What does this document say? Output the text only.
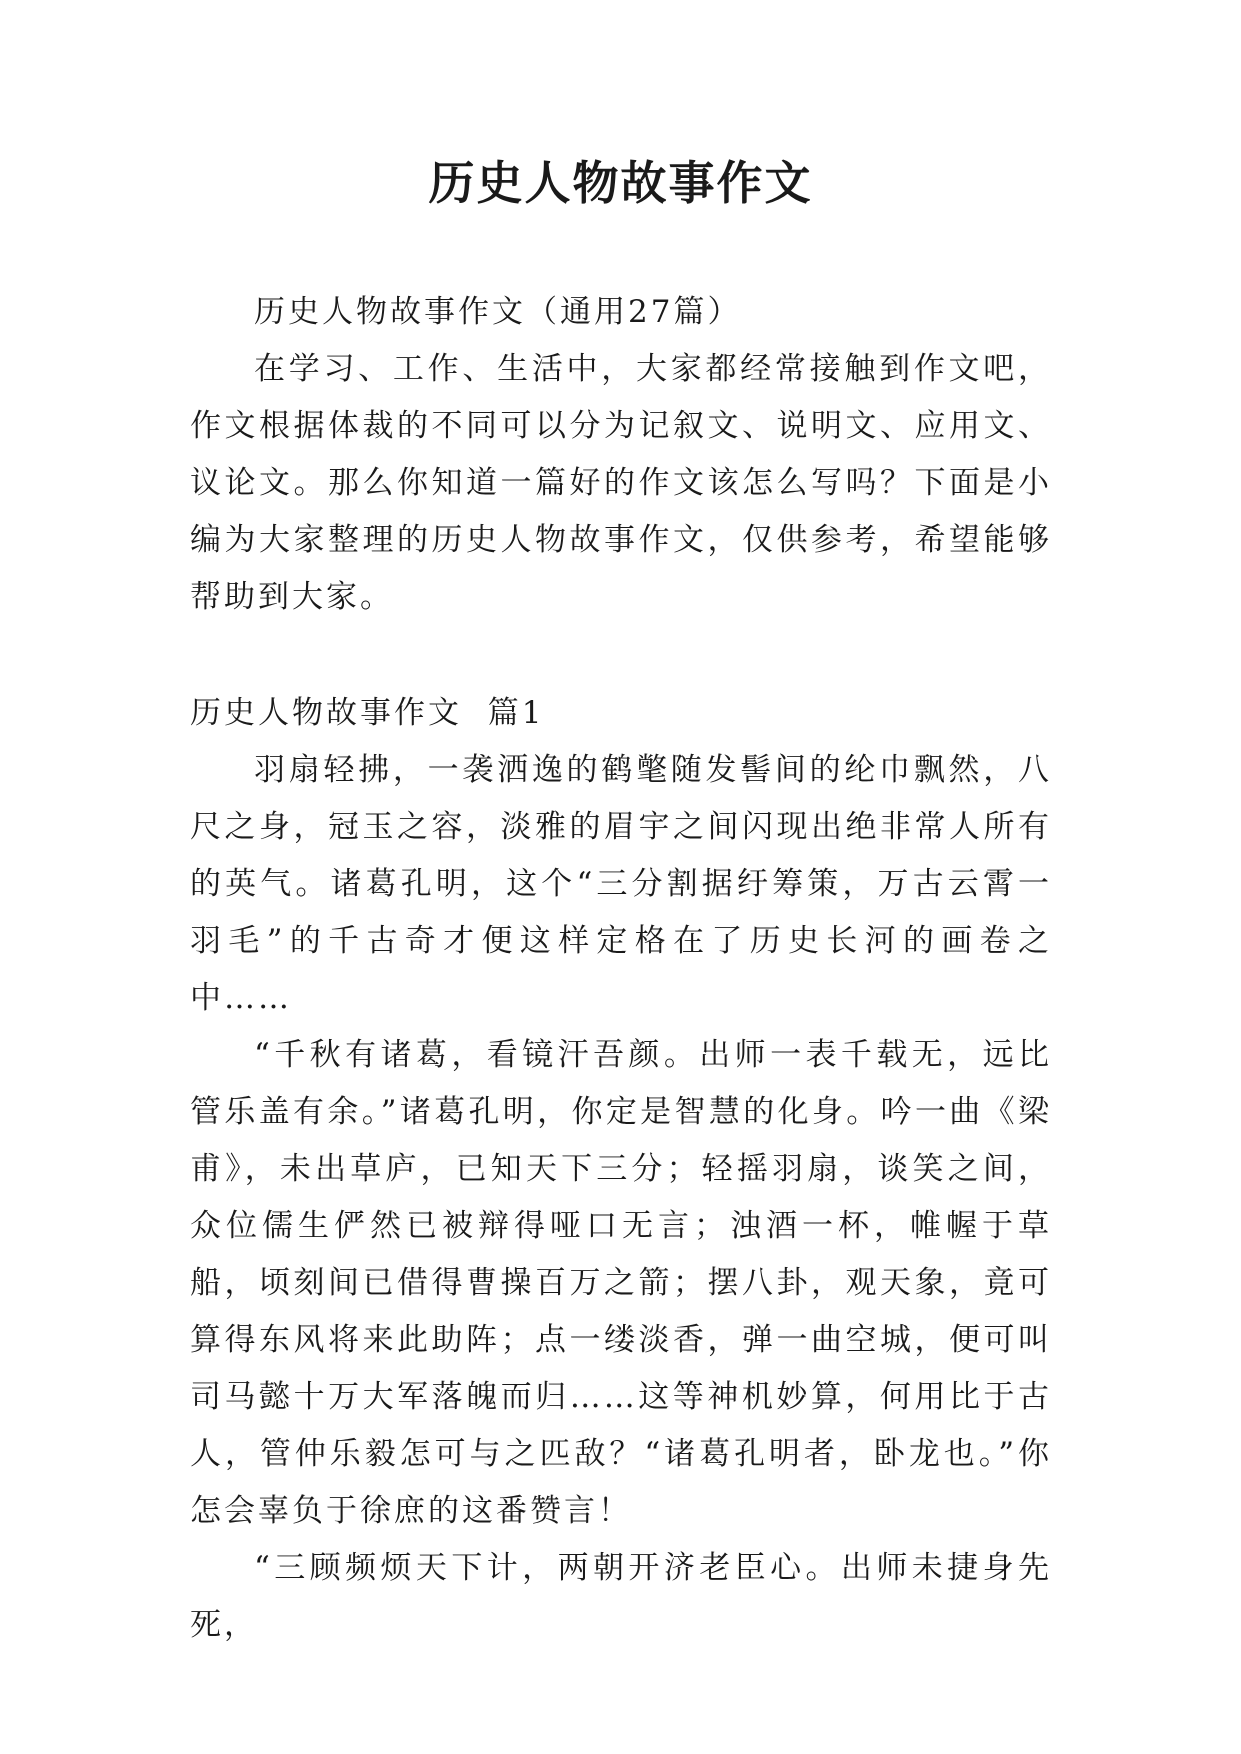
历史人物故事作文

历史人物故事作文（通用27篇）

在学习、工作、生活中，大家都经常接触到作文吧，作文根据体裁的不同可以分为记叙文、说明文、应用文、议论文。那么你知道一篇好的作文该怎么写吗？下面是小编为大家整理的历史人物故事作文，仅供参考，希望能够帮助到大家。

历史人物故事作文  篇1

羽扇轻拂，一袭洒逸的鹤氅随发髻间的纶巾飘然，八尺之身，冠玉之容，淡雅的眉宇之间闪现出绝非常人所有的英气。诸葛孔明，这个“三分割据纡筹策，万古云霄一羽毛”的千古奇才便这样定格在了历史长河的画卷之中……

“千秋有诸葛，看镜汗吾颜。出师一表千载无，远比管乐盖有余。”诸葛孔明，你定是智慧的化身。吟一曲《梁甫》，未出草庐，已知天下三分；轻摇羽扇，谈笑之间，众位儒生俨然已被辩得哑口无言；浊酒一杯，帷幄于草船，顷刻间已借得曹操百万之箭；摆八卦，观天象，竟可算得东风将来此助阵；点一缕淡香，弹一曲空城，便可叫司马懿十万大军落魄而归……这等神机妙算，何用比于古人，管仲乐毅怎可与之匹敌？“诸葛孔明者，卧龙也。”你怎会辜负于徐庶的这番赞言！

“三顾频烦天下计，两朝开济老臣心。出师未捷身先死，
